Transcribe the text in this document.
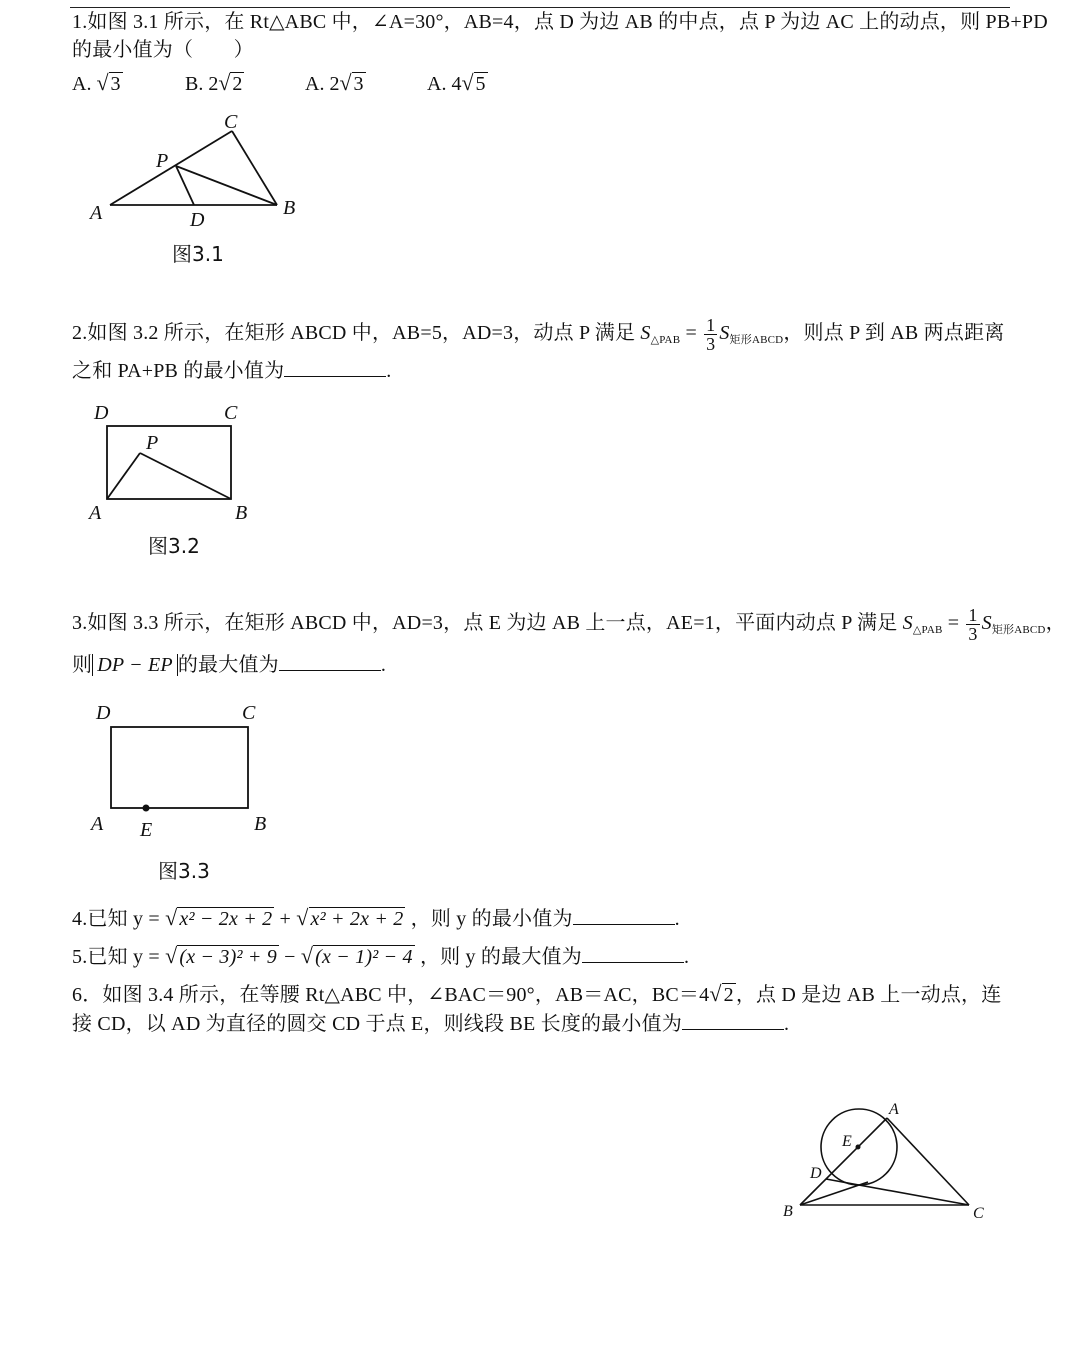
1.如图 3.1 所示，在 Rt△ABC 中，∠A=30°，AB=4，点 D 为边 AB 的中点，点 P 为边 AC 上的动点，则 PB+PD
的最小值为（　　）
A. √ 3	B. 2√ 2	A. 2√ 3	A. 4√ 5
C
P
A	D
B
图3.1
2.如图 3.2 所示，在矩形 ABCD 中，AB=5，AD=3，动点 P 满足 $S_{\triangle PAB} = \frac{1}{3} S_{矩形ABCD}$，则点 P 到 AB 两点距离
之和 PA+PB 的最小值为	.
D	C
P
A	B
图3.2
3.如图 3.3 所示，在矩形 ABCD 中，AD=3，点 E 为边 AB 上一点，AE=1，平面内动点 P 满足 $S_{\triangle PAB} = \frac{1}{3} S_{矩形ABCD}$，
则 DP − EP 的最大值为	.
D	C
A E	B
图3.3
4.已知 y = √ x² − 2x + 2 + √ x² + 2x + 2 ，则 y 的最小值为	.
5.已知 y = √ (x − 3)² + 9 − √ (x − 1)² − 4 ，则 y 的最大值为	.
6．如图 3.4 所示，在等腰 Rt△ABC 中，∠BAC＝90°，AB＝AC，BC＝4√ 2 ，点 D 是边 AB 上一动点，连
接 CD，以 AD 为直径的圆交 CD 于点 E，则线段 BE 长度的最小值为	.
A
E
D
B	C
